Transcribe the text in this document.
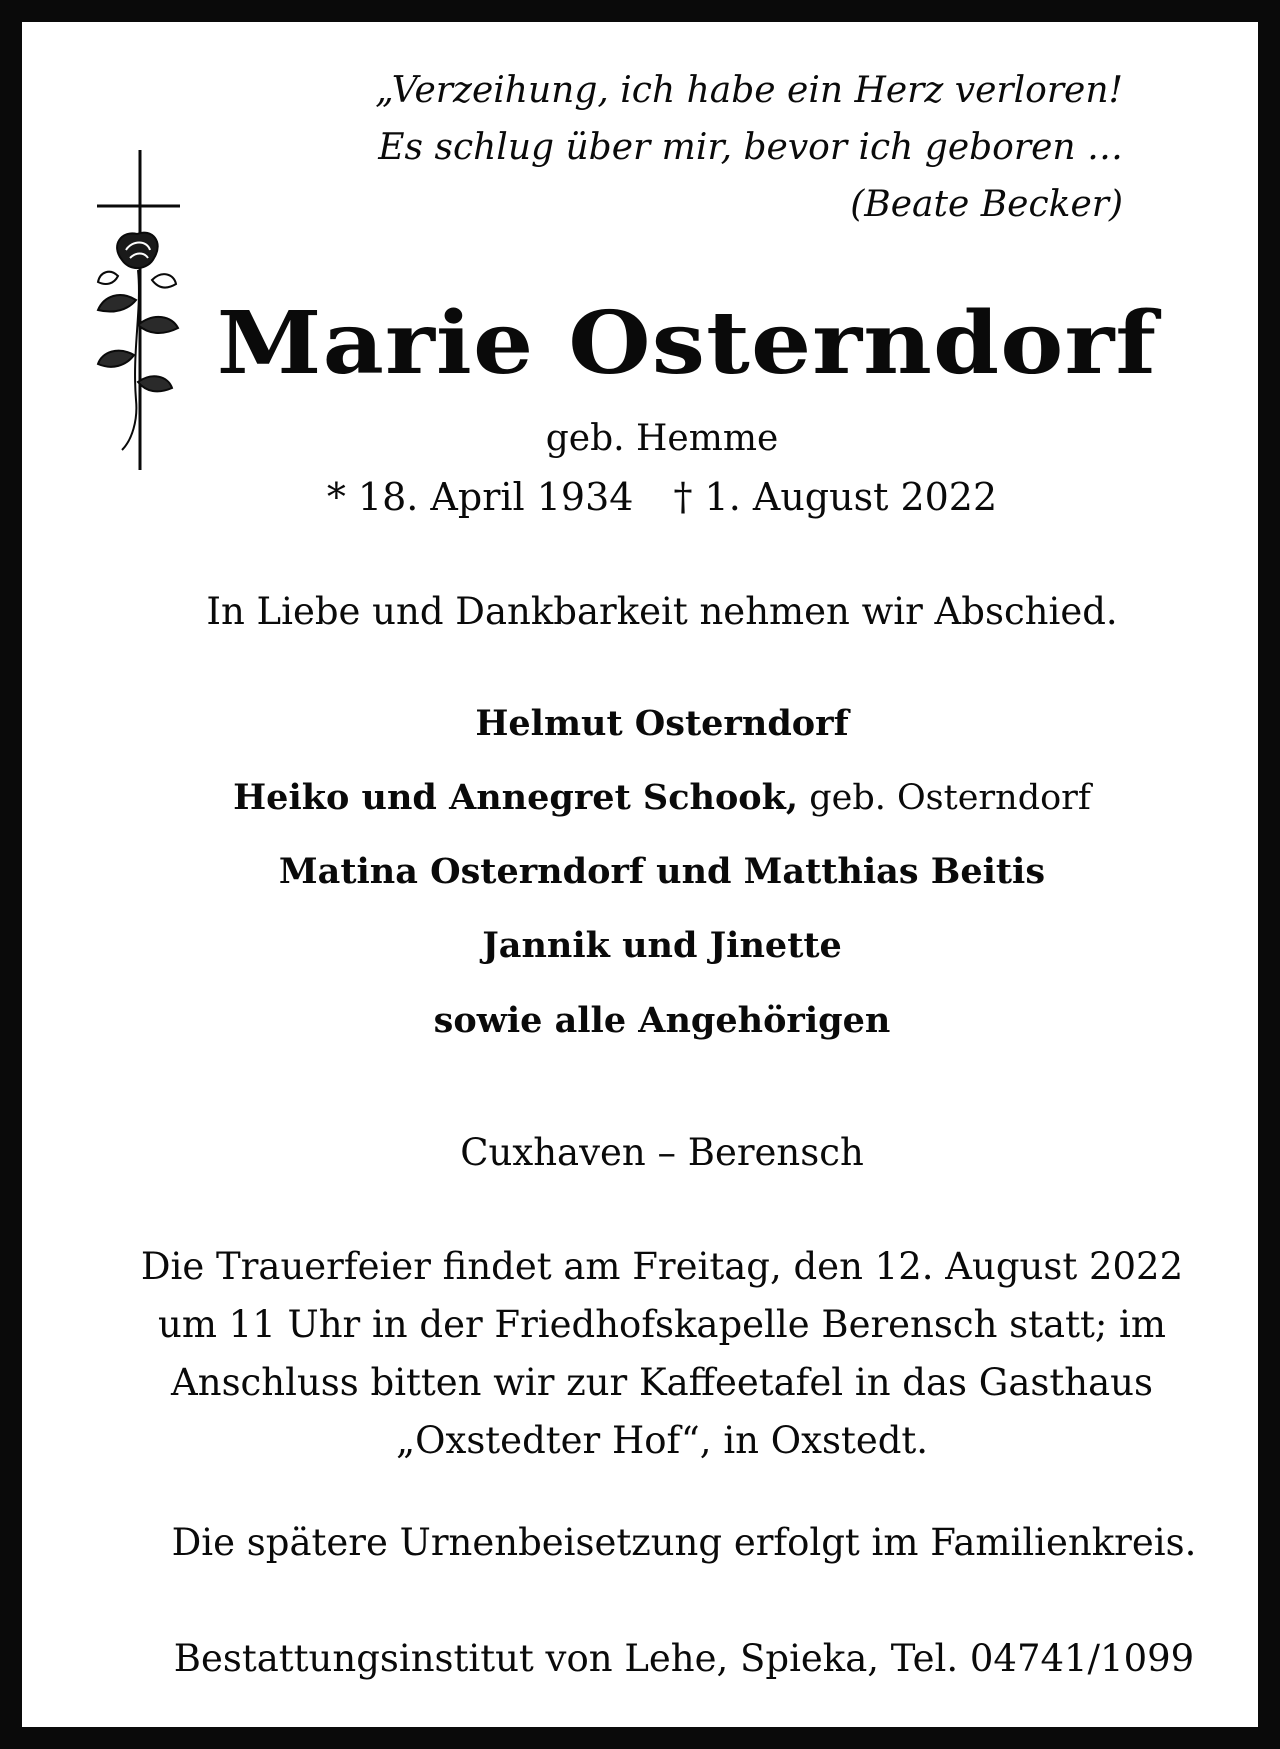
„Verzeihung, ich habe ein Herz verloren!
Es schlug über mir, bevor ich geboren …
(Beate Becker)
Marie Osterndorf
geb. Hemme
* 18. April 1934 † 1. August 2022
In Liebe und Dankbarkeit nehmen wir Abschied.
Helmut Osterndorf
Heiko und Annegret Schook, geb. Osterndorf
Matina Osterndorf und Matthias Beitis
Jannik und Jinette
sowie alle Angehörigen
Cuxhaven – Berensch
Die Trauerfeier findet am Freitag, den 12. August 2022
um 11 Uhr in der Friedhofskapelle Berensch statt; im
Anschluss bitten wir zur Kaffeetafel in das Gasthaus
„Oxstedter Hof“, in Oxstedt.
Die spätere Urnenbeisetzung erfolgt im Familienkreis.
Bestattungsinstitut von Lehe, Spieka, Tel. 04741/1099
